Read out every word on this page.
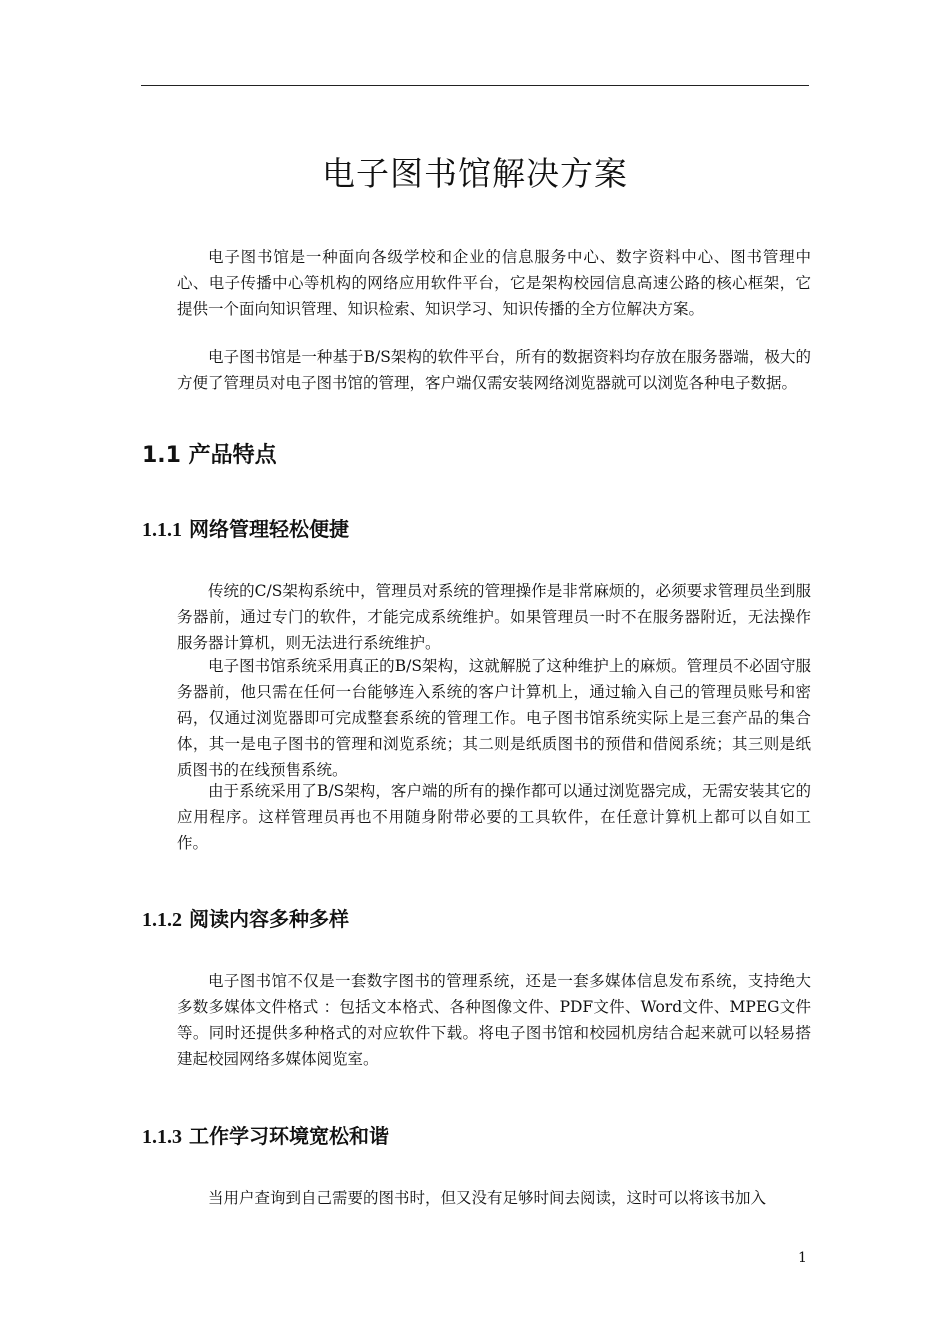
电子图书馆解决方案

电子图书馆是一种面向各级学校和企业的信息服务中心、数字资料中心、图书管理中心、电子传播中心等机构的网络应用软件平台，它是架构校园信息高速公路的核心框架，它提供一个面向知识管理、知识检索、知识学习、知识传播的全方位解决方案。

电子图书馆是一种基于B/S架构的软件平台，所有的数据资料均存放在服务器端，极大的方便了管理员对电子图书馆的管理，客户端仅需安装网络浏览器就可以浏览各种电子数据。

1.1 产品特点
1.1.1 网络管理轻松便捷

传统的C/S架构系统中，管理员对系统的管理操作是非常麻烦的，必须要求管理员坐到服务器前，通过专门的软件，才能完成系统维护。如果管理员一时不在服务器附近，无法操作服务器计算机，则无法进行系统维护。

电子图书馆系统采用真正的B/S架构，这就解脱了这种维护上的麻烦。管理员不必固守服务器前，他只需在任何一台能够连入系统的客户计算机上，通过输入自己的管理员账号和密码，仅通过浏览器即可完成整套系统的管理工作。电子图书馆系统实际上是三套产品的集合体，其一是电子图书的管理和浏览系统；其二则是纸质图书的预借和借阅系统；其三则是纸质图书的在线预售系统。

由于系统采用了B/S架构，客户端的所有的操作都可以通过浏览器完成，无需安装其它的应用程序。这样管理员再也不用随身附带必要的工具软件，在任意计算机上都可以自如工作。

1.1.2 阅读内容多种多样

电子图书馆不仅是一套数字图书的管理系统，还是一套多媒体信息发布系统，支持绝大多数多媒体文件格式 ：包括文本格式、各种图像文件、PDF文件、Word文件、MPEG文件等。同时还提供多种格式的对应软件下载。将电子图书馆和校园机房结合起来就可以轻易搭建起校园网络多媒体阅览室。

1.1.3 工作学习环境宽松和谐

当用户查询到自己需要的图书时，但又没有足够时间去阅读，这时可以将该书加入

1
